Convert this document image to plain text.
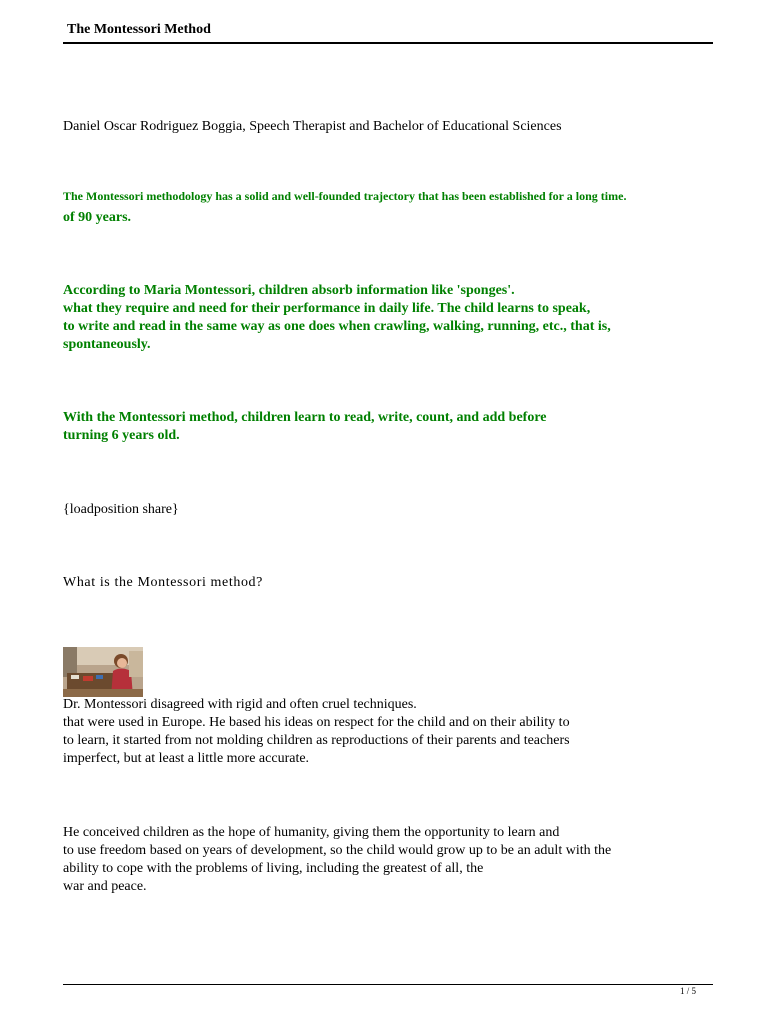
The Montessori Method
Daniel Oscar Rodriguez Boggia, Speech Therapist and Bachelor of Educational Sciences
The Montessori methodology has a solid and well-founded trajectory that has been established for a long time.
of 90 years.
According to Maria Montessori, children absorb information like 'sponges'.
what they require and need for their performance in daily life. The child learns to speak,
to write and read in the same way as one does when crawling, walking, running, etc., that is,
spontaneously.
With the Montessori method, children learn to read, write, count, and add before
turning 6 years old.
{loadposition share}
What is the Montessori method?
Dr. Montessori disagreed with rigid and often cruel techniques.
that were used in Europe. He based his ideas on respect for the child and on their ability to
to learn, it started from not molding children as reproductions of their parents and teachers
imperfect, but at least a little more accurate.
He conceived children as the hope of humanity, giving them the opportunity to learn and
to use freedom based on years of development, so the child would grow up to be an adult with the
ability to cope with the problems of living, including the greatest of all, the
war and peace.
1 / 5
